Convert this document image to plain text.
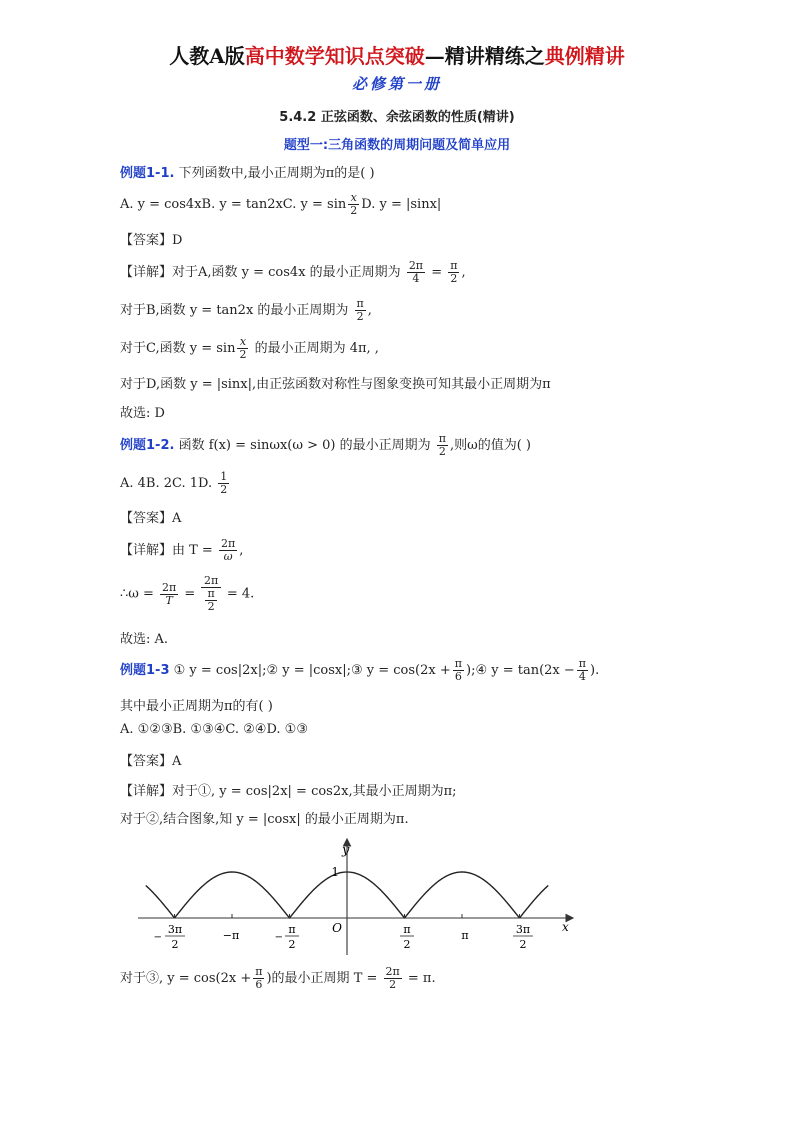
人教A版高中数学知识点突破—精讲精练之典例精讲
必修第一册
5.4.2 正弦函数、余弦函数的性质(精讲)
题型一:三角函数的周期问题及简单应用
例题1-1. 下列函数中,最小正周期为π的是( )
A. y = cos4xB. y = tan2xC. $y = \sin \frac{x}{2} D$. y = |sinx|
【答案】D
【详解】对于A,函数 y = cos4x 的最小正周期为 $\frac{2\pi}{4} = \frac{\pi}{2}$ ,
对于B,函数 y = tan2x 的最小正周期为 $\frac{\pi}{2}$ ,
对于C,函数 $y = \sin \frac{x}{2}$ 的最小正周期为 4π, ,
对于D,函数 y = |sinx|,由正弦函数对称性与图象变换可知其最小正周期为π
故选: D
例题1-2. 函数 f(x) = sinωx(ω > 0) 的最小正周期为 $\frac{\pi}{2}$ ,则ω的值为( )
A. 4B. 2C. 1D. $\frac{1}{2}$
【答案】A
【详解】由 $T = \frac{2\pi}{\omega}$ ,
∴ω = $\frac{2\pi}{T} = \frac{2\pi}{\frac{\pi}{2}} = 4$.
故选: A.
例题1-3 ① y = cos|2x|;② y = |cosx|;③ $y = \cos(2x + \frac{\pi}{6}$ );④ $y = \tan(2x - \frac{\pi}{4}$ ).
其中最小正周期为π的有( )
A. ①②③B. ①③④C. ②④D. ①③
【答案】A
【详解】对于①, y = cos|2x| = cos2x,其最小正周期为π;
对于②,结合图象,知 y = |cosx| 的最小正周期为π.
y
x
1
O
−
3π
2
−π	−
π
2
π
2
π	3π
2
对于③, $y = \cos(2x + \frac{\pi}{6}$ )的最小正周期 $T = \frac{2\pi}{2} = \pi$.
